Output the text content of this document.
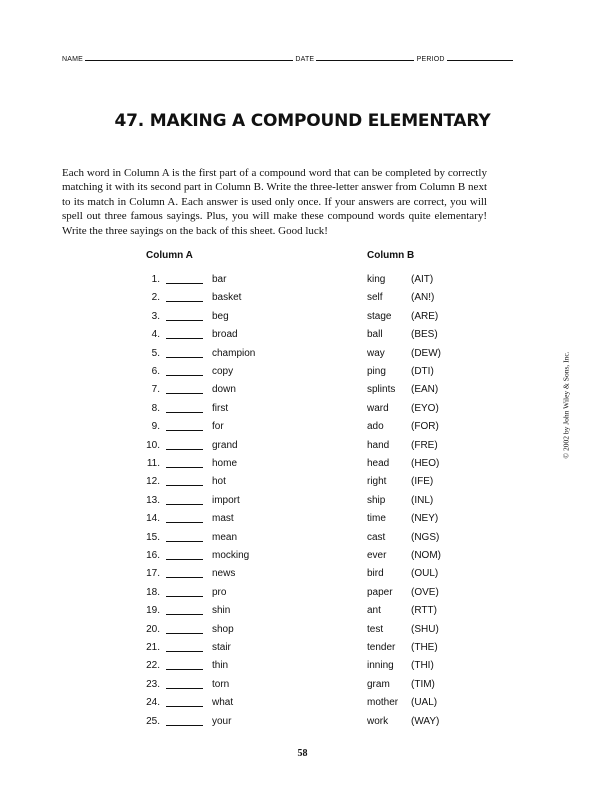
NAME	DATE	PERIOD
47. MAKING A COMPOUND ELEMENTARY
Each word in Column A is the first part of a compound word that can be completed by correctly matching it with its second part in Column B. Write the three-letter answer from Column B next to its match in Column A. Each answer is used only once. If your answers are correct, you will spell out three famous sayings. Plus, you will make these compound words quite elementary! Write the three sayings on the back of this sheet. Good luck!
Column A	Column B
1.	bar	king	(AIT)
2.	basket	self	(AN!)
3.	beg	stage (ARE)
4.	broad	ball	(BES)
5.	champion	way	(DEW)
6.	copy	ping	(DTI)
7.	down	splints (EAN)
8.	first	ward (EYO)
9.	for	ado	(FOR)
10.	grand	hand (FRE)
11.	home	head (HEO)
12.	hot	right (IFE)
13.	import	ship	(INL)
14.	mast	time	(NEY)
15.	mean	cast	(NGS)
16.	mocking	ever (NOM)
17.	news	bird	(OUL)
18.	pro	paper (OVE)
19.	shin	ant	(RTT)
20.	shop	test	(SHU)
21.	stair	tender (THE)
22.	thin	inning (THI)
23.	torn	gram (TIM)
24.	what	mother (UAL)
25.	your	work (WAY)
© 2002 by John Wiley & Sons, Inc.
58
